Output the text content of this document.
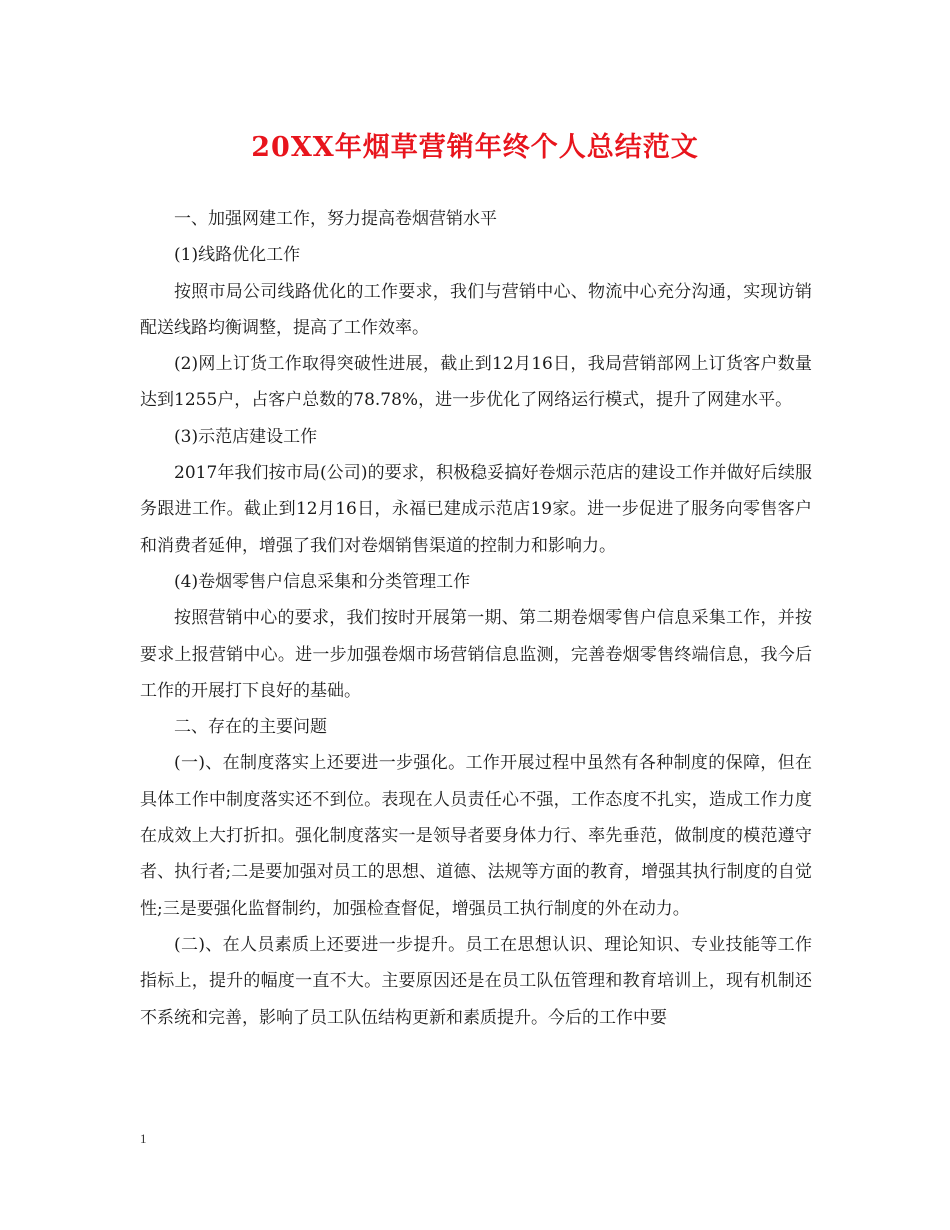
20XX年烟草营销年终个人总结范文

一、加强网建工作，努力提高卷烟营销水平

(1)线路优化工作

按照市局公司线路优化的工作要求，我们与营销中心、物流中心充分沟通，实现访销配送线路均衡调整，提高了工作效率。

(2)网上订货工作取得突破性进展，截止到12月16日，我局营销部网上订货客户数量达到1255户，占客户总数的78.78%，进一步优化了网络运行模式，提升了网建水平。

(3)示范店建设工作

2017年我们按市局(公司)的要求，积极稳妥搞好卷烟示范店的建设工作并做好后续服务跟进工作。截止到12月16日，永福已建成示范店19家。进一步促进了服务向零售客户和消费者延伸，增强了我们对卷烟销售渠道的控制力和影响力。

(4)卷烟零售户信息采集和分类管理工作

按照营销中心的要求，我们按时开展第一期、第二期卷烟零售户信息采集工作，并按要求上报营销中心。进一步加强卷烟市场营销信息监测，完善卷烟零售终端信息，我今后工作的开展打下良好的基础。

二、存在的主要问题

(一)、在制度落实上还要进一步强化。工作开展过程中虽然有各种制度的保障，但在具体工作中制度落实还不到位。表现在人员责任心不强，工作态度不扎实，造成工作力度在成效上大打折扣。强化制度落实一是领导者要身体力行、率先垂范，做制度的模范遵守者、执行者;二是要加强对员工的思想、道德、法规等方面的教育，增强其执行制度的自觉性;三是要强化监督制约，加强检查督促，增强员工执行制度的外在动力。

(二)、在人员素质上还要进一步提升。员工在思想认识、理论知识、专业技能等工作指标上，提升的幅度一直不大。主要原因还是在员工队伍管理和教育培训上，现有机制还不系统和完善，影响了员工队伍结构更新和素质提升。今后的工作中要

1
